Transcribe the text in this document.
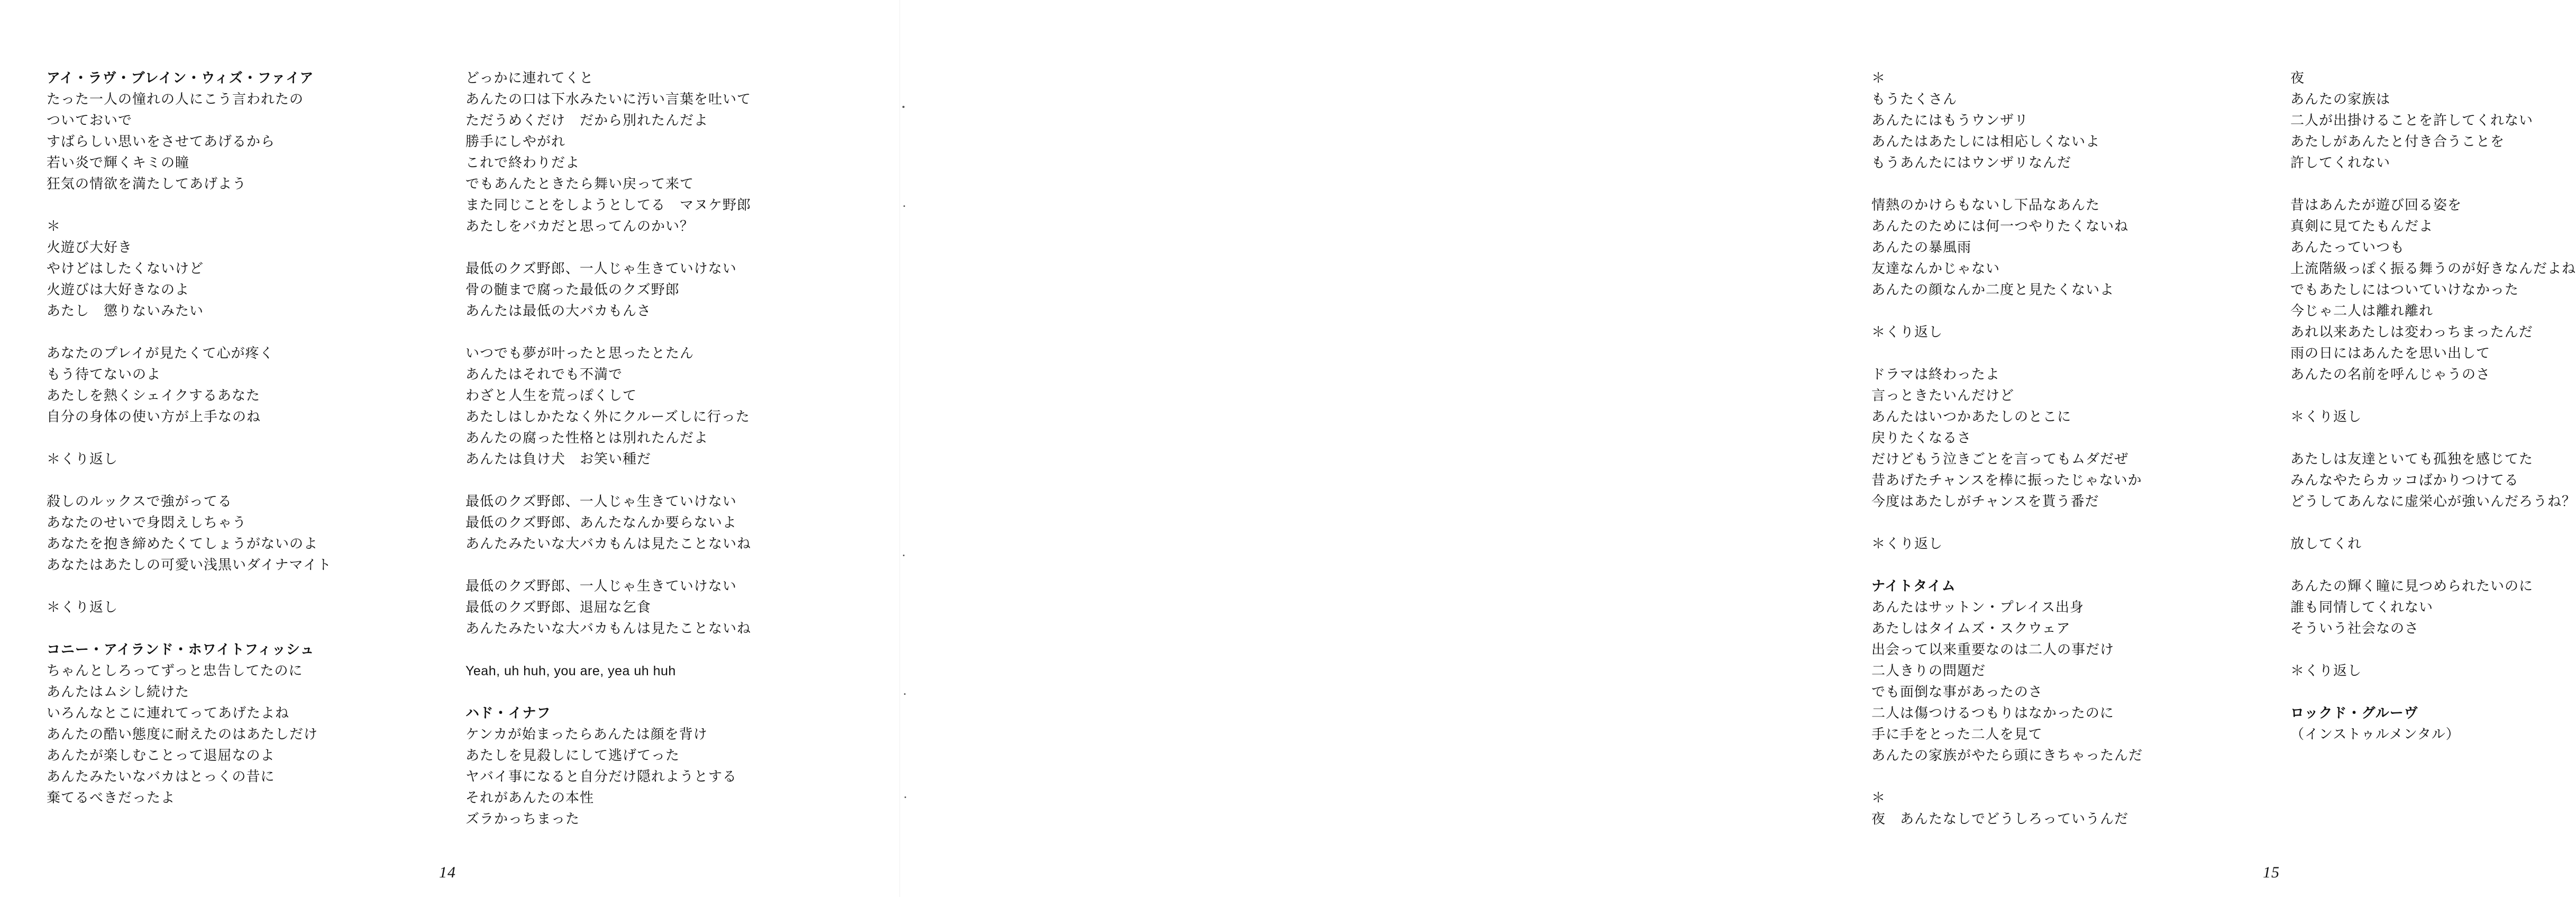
アイ・ラヴ・ブレイン・ウィズ・ファイア
たった一人の憧れの人にこう言われたの
ついておいで
すばらしい思いをさせてあげるから
若い炎で輝くキミの瞳
狂気の情欲を満たしてあげよう
＊
火遊び大好き
やけどはしたくないけど
火遊びは大好きなのよ
あたし　懲りないみたい
あなたのプレイが見たくて心が疼く
もう待てないのよ
あたしを熱くシェイクするあなた
自分の身体の使い方が上手なのね
＊くり返し
殺しのルックスで強がってる
あなたのせいで身悶えしちゃう
あなたを抱き締めたくてしょうがないのよ
あなたはあたしの可愛い浅黒いダイナマイト
＊くり返し
コニー・アイランド・ホワイトフィッシュ
ちゃんとしろってずっと忠告してたのに
あんたはムシし続けた
いろんなとこに連れてってあげたよね
あんたの酷い態度に耐えたのはあたしだけ
あんたが楽しむことって退屈なのよ
あんたみたいなバカはとっくの昔に
棄てるべきだったよ
どっかに連れてくと
あんたの口は下水みたいに汚い言葉を吐いて
ただうめくだけ　だから別れたんだよ
勝手にしやがれ
これで終わりだよ
でもあんたときたら舞い戻って来て
また同じことをしようとしてる　マヌケ野郎
あたしをバカだと思ってんのかい？
最低のクズ野郎、一人じゃ生きていけない
骨の髄まで腐った最低のクズ野郎
あんたは最低の大バカもんさ
いつでも夢が叶ったと思ったとたん
あんたはそれでも不満で
わざと人生を荒っぽくして
あたしはしかたなく外にクルーズしに行った
あんたの腐った性格とは別れたんだよ
あんたは負け犬　お笑い種だ
最低のクズ野郎、一人じゃ生きていけない
最低のクズ野郎、あんたなんか要らないよ
あんたみたいな大バカもんは見たことないね
最低のクズ野郎、一人じゃ生きていけない
最低のクズ野郎、退屈な乞食
あんたみたいな大バカもんは見たことないね
Yeah, uh huh, you are, yea uh huh
ハド・イナフ
ケンカが始まったらあんたは顔を背け
あたしを見殺しにして逃げてった
ヤバイ事になると自分だけ隠れようとする
それがあんたの本性
ズラかっちまった
14
＊
もうたくさん
あんたにはもうウンザリ
あんたはあたしには相応しくないよ
もうあんたにはウンザリなんだ
情熱のかけらもないし下品なあんた
あんたのためには何一つやりたくないね
あんたの暴風雨
友達なんかじゃない
あんたの顔なんか二度と見たくないよ
＊くり返し
ドラマは終わったよ
言っときたいんだけど
あんたはいつかあたしのとこに
戻りたくなるさ
だけどもう泣きごとを言ってもムダだぜ
昔あげたチャンスを棒に振ったじゃないか
今度はあたしがチャンスを貰う番だ
＊くり返し
ナイトタイム
あんたはサットン・プレイス出身
あたしはタイムズ・スクウェア
出会って以来重要なのは二人の事だけ
二人きりの問題だ
でも面倒な事があったのさ
二人は傷つけるつもりはなかったのに
手に手をとった二人を見て
あんたの家族がやたら頭にきちゃったんだ
＊
夜　あんたなしでどうしろっていうんだ
夜
あんたの家族は
二人が出掛けることを許してくれない
あたしがあんたと付き合うことを
許してくれない
昔はあんたが遊び回る姿を
真剣に見てたもんだよ
あんたっていつも
上流階級っぽく振る舞うのが好きなんだよね
でもあたしにはついていけなかった
今じゃ二人は離れ離れ
あれ以来あたしは変わっちまったんだ
雨の日にはあんたを思い出して
あんたの名前を呼んじゃうのさ
＊くり返し
あたしは友達といても孤独を感じてた
みんなやたらカッコばかりつけてる
どうしてあんなに虚栄心が強いんだろうね？
放してくれ
あんたの輝く瞳に見つめられたいのに
誰も同情してくれない
そういう社会なのさ
＊くり返し
ロックド・グルーヴ
（インストゥルメンタル）
15
